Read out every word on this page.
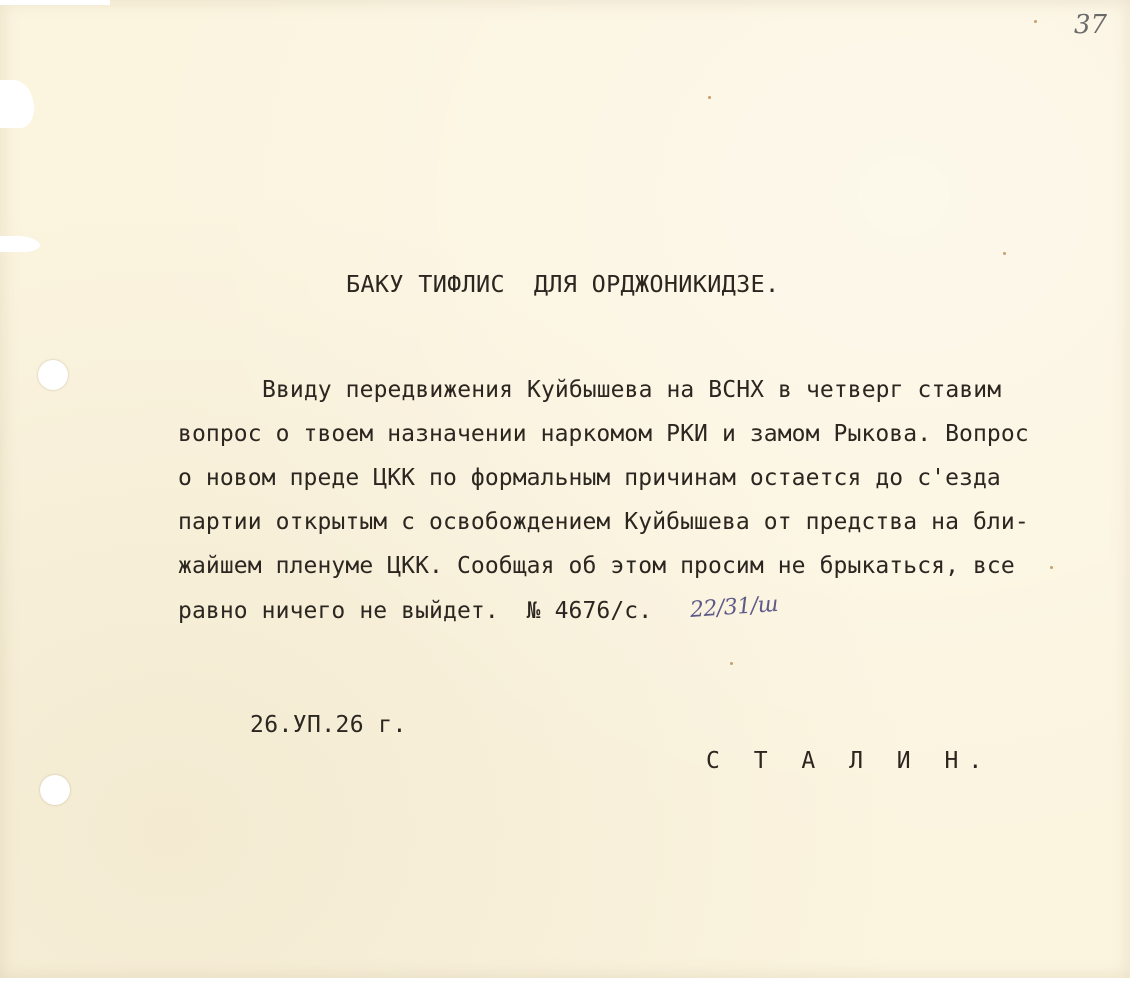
37

БАКУ ТИФЛИС  ДЛЯ ОРДЖОНИКИДЗЕ.

Ввиду передвижения Куйбышева на ВСНХ в четверг ставим

вопрос о твоем назначении наркомом РКИ и замом Рыкова. Вопрос

о новом преде ЦКК по формальным причинам остается до с'езда

партии открытым с освобождением Куйбышева от предства на бли-

жайшем пленуме ЦКК. Сообщая об этом просим не брыкаться, все

равно ничего не выйдет.  № 4676/с. 22/31/ш

26.УП.26 г.

С Т А Л И Н.
